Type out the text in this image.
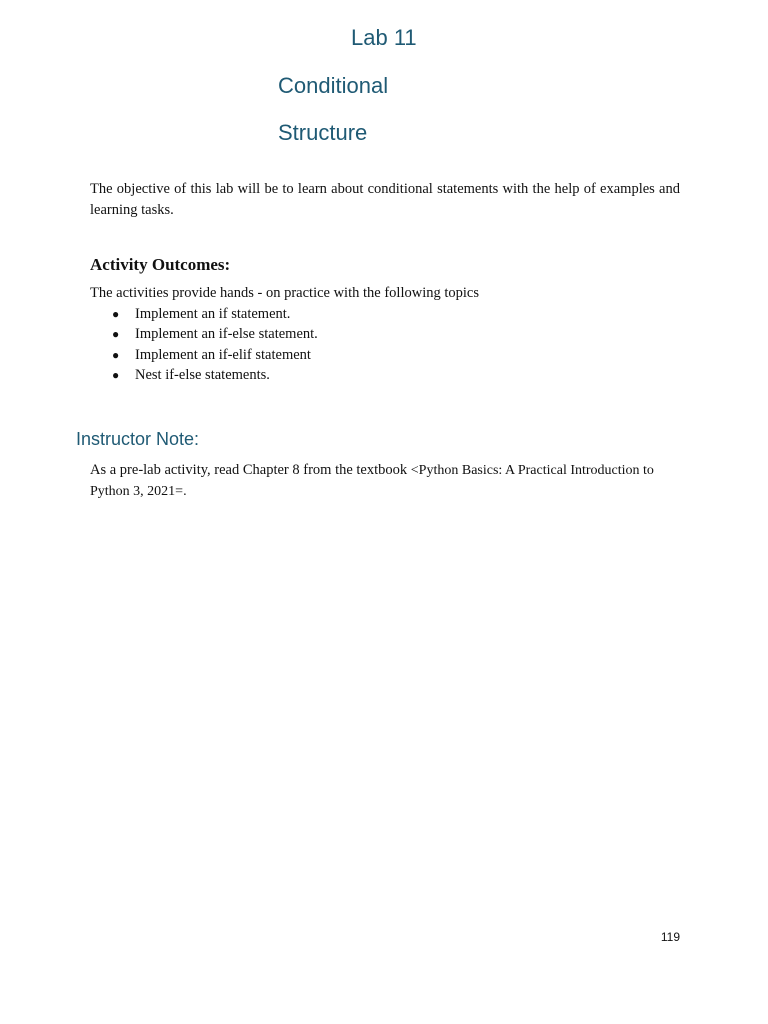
Lab 11
Conditional
Structure
The objective of this lab will be to learn about conditional statements with the help of examples and learning tasks.
Activity Outcomes:
The activities provide hands - on practice with the following topics
● Implement an if statement.
● Implement an if-else statement.
● Implement an if-elif statement
● Nest if-else statements.
Instructor Note:
As a pre-lab activity, read Chapter 8 from the textbook <Python Basics: A Practical Introduction to Python 3, 2021=.
119
